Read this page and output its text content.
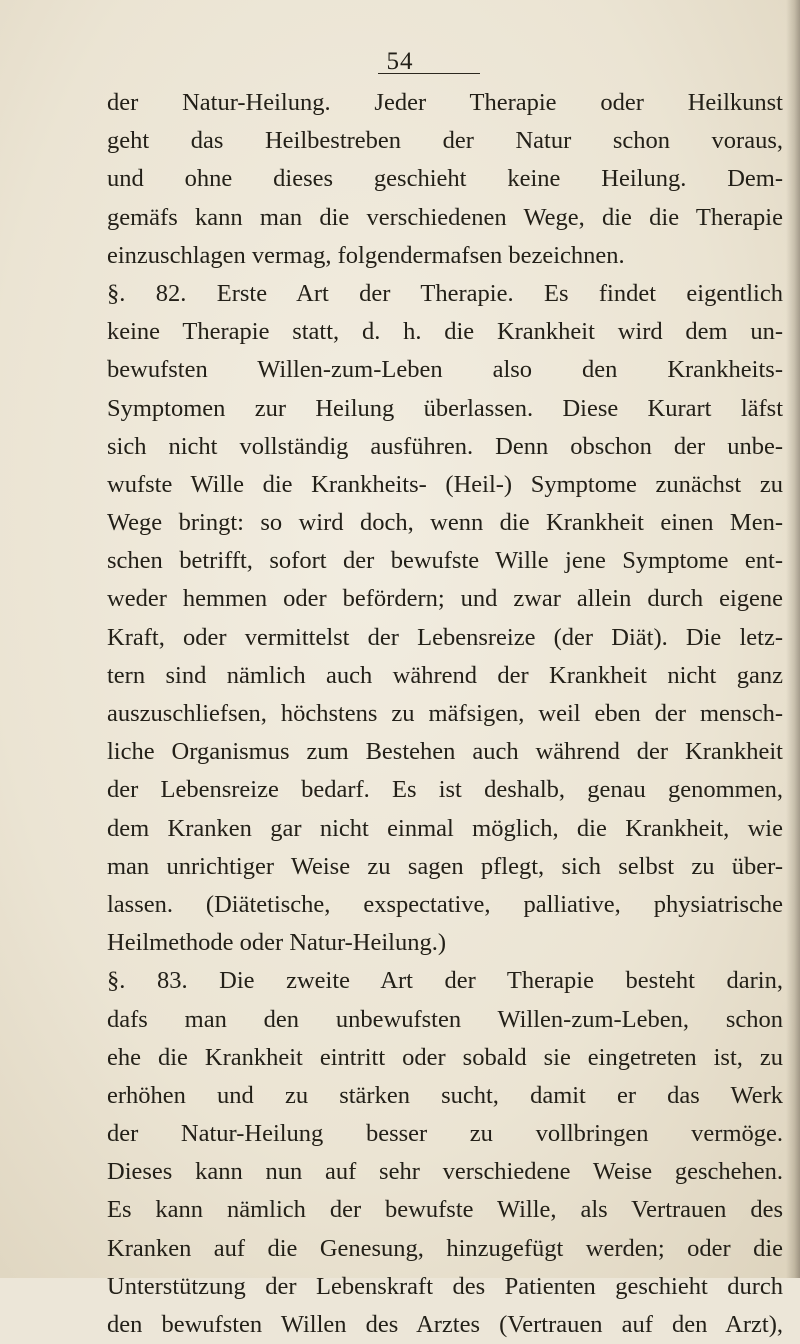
54
der Natur-Heilung. Jeder Therapie oder Heilkunst
geht das Heilbestreben der Natur schon voraus,
und ohne dieses geschieht keine Heilung. Dem-
gemäfs kann man die verschiedenen Wege, die die Therapie
einzuschlagen vermag, folgendermafsen bezeichnen.
§. 82. Erste Art der Therapie. Es findet eigentlich
keine Therapie statt, d. h. die Krankheit wird dem un-
bewufsten Willen-zum-Leben also den Krankheits-
Symptomen zur Heilung überlassen. Diese Kurart läfst
sich nicht vollständig ausführen. Denn obschon der unbe-
wufste Wille die Krankheits- (Heil-) Symptome zunächst zu
Wege bringt: so wird doch, wenn die Krankheit einen Men-
schen betrifft, sofort der bewufste Wille jene Symptome ent-
weder hemmen oder befördern; und zwar allein durch eigene
Kraft, oder vermittelst der Lebensreize (der Diät). Die letz-
tern sind nämlich auch während der Krankheit nicht ganz
auszuschliefsen, höchstens zu mäfsigen, weil eben der mensch-
liche Organismus zum Bestehen auch während der Krankheit
der Lebensreize bedarf. Es ist deshalb, genau genommen,
dem Kranken gar nicht einmal möglich, die Krankheit, wie
man unrichtiger Weise zu sagen pflegt, sich selbst zu über-
lassen. (Diätetische, exspectative, palliative, physiatrische
Heilmethode oder Natur-Heilung.)
§. 83. Die zweite Art der Therapie besteht darin,
dafs man den unbewufsten Willen-zum-Leben, schon
ehe die Krankheit eintritt oder sobald sie eingetreten ist, zu
erhöhen und zu stärken sucht, damit er das Werk
der Natur-Heilung besser zu vollbringen vermöge.
Dieses kann nun auf sehr verschiedene Weise geschehen.
Es kann nämlich der bewufste Wille, als Vertrauen des
Kranken auf die Genesung, hinzugefügt werden; oder die
Unterstützung der Lebenskraft des Patienten geschieht durch
den bewufsten Willen des Arztes (Vertrauen auf den Arzt),
